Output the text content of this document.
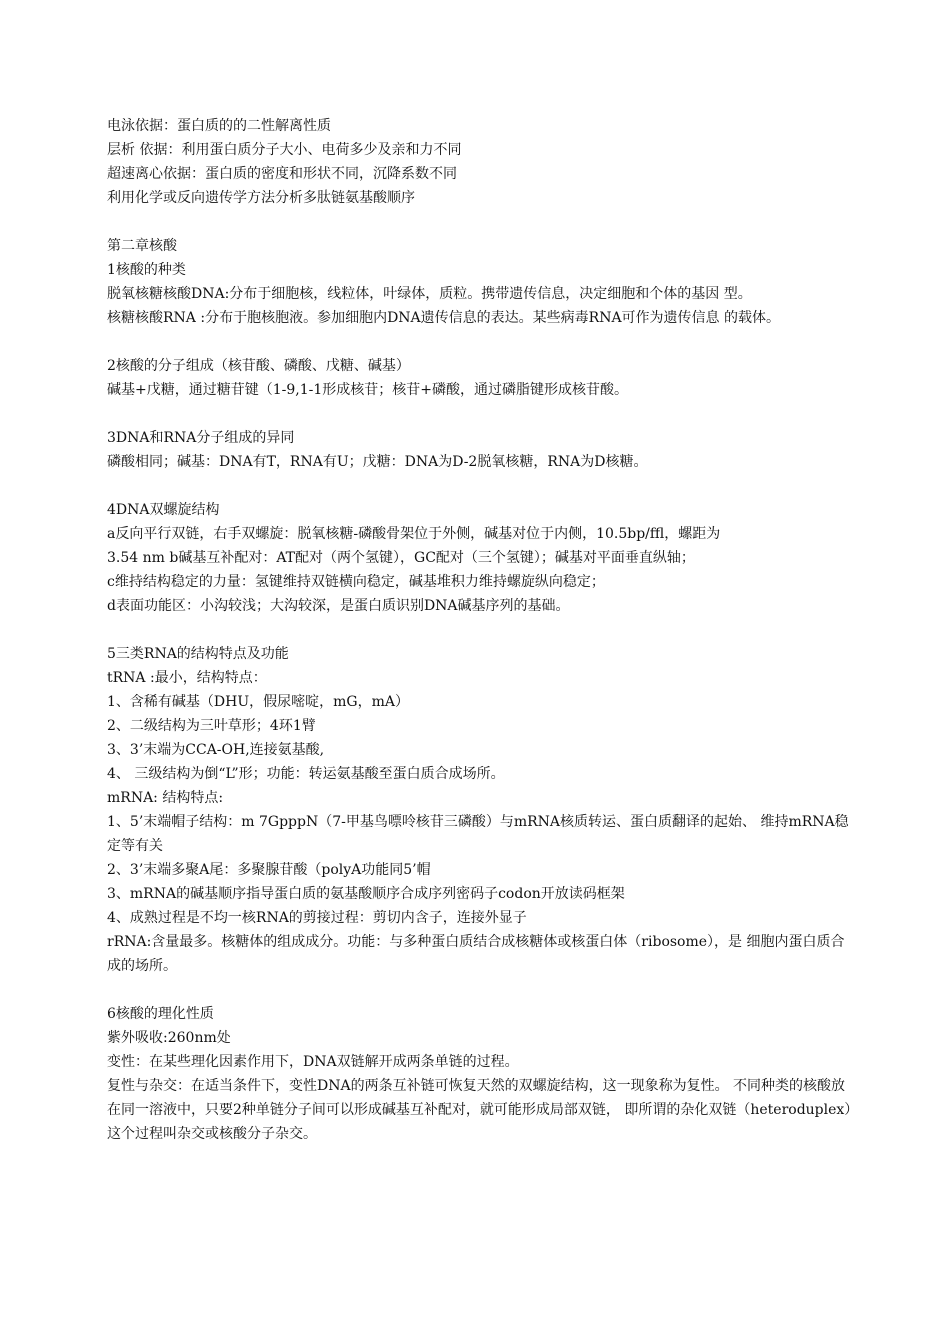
电泳依据：蛋白质的的二性解离性质
层析 依据：利用蛋白质分子大小、电荷多少及亲和力不同
超速离心依据：蛋白质的密度和形状不同，沉降系数不同
利用化学或反向遗传学方法分析多肽链氨基酸顺序
第二章核酸
1核酸的种类
脱氧核糖核酸DNA:分布于细胞核，线粒体，叶绿体，质粒。携带遗传信息，决定细胞和个体的基因 型。
核糖核酸RNA :分布于胞核胞液。参加细胞内DNA遗传信息的表达。某些病毒RNA可作为遗传信息 的载体。
2核酸的分子组成（核苷酸、磷酸、戊糖、碱基）
碱基+戊糖，通过糖苷键（1-9,1-1形成核苷；核苷+磷酸，通过磷脂键形成核苷酸。
3DNA和RNA分子组成的异同
磷酸相同；碱基：DNA有T，RNA有U；戊糖：DNA为D-2脱氧核糖，RNA为D核糖。
4DNA双螺旋结构
a反向平行双链，右手双螺旋：脱氧核糖-磷酸骨架位于外侧，碱基对位于内侧，10.5bp/ffl，螺距为
3.54 nm b碱基互补配对：AT配对（两个氢键），GC配对（三个氢键）；碱基对平面垂直纵轴；
c维持结构稳定的力量：氢键维持双链横向稳定，碱基堆积力维持螺旋纵向稳定；
d表面功能区：小沟较浅；大沟较深，是蛋白质识别DNA碱基序列的基础。
5三类RNA的结构特点及功能
tRNA :最小，结构特点：
1、含稀有碱基（DHU，假尿嘧啶，mG，mA）
2、二级结构为三叶草形；4环1臂
3、3’末端为CCA-OH,连接氨基酸,
4、 三级结构为倒“L”形；功能：转运氨基酸至蛋白质合成场所。
mRNA: 结构特点:
1、5’末端帽子结构：m 7GpppN（7-甲基鸟嘌呤核苷三磷酸）与mRNA核质转运、蛋白质翻译的起始、 维持mRNA稳定等有关
2、3’末端多聚A尾：多聚腺苷酸（polyA功能同5’帽
3、mRNA的碱基顺序指导蛋白质的氨基酸顺序合成序列密码子codon开放读码框架
4、成熟过程是不均一核RNA的剪接过程：剪切内含子，连接外显子
rRNA:含量最多。核糖体的组成成分。功能：与多种蛋白质结合成核糖体或核蛋白体（ribosome），是 细胞内蛋白质合成的场所。
6核酸的理化性质
紫外吸收:260nm处
变性：在某些理化因素作用下，DNA双链解开成两条单链的过程。
复性与杂交：在适当条件下，变性DNA的两条互补链可恢复天然的双螺旋结构，这一现象称为复性。 不同种类的核酸放在同一溶液中，只要2种单链分子间可以形成碱基互补配对，就可能形成局部双链， 即所谓的杂化双链（heteroduplex）这个过程叫杂交或核酸分子杂交。
